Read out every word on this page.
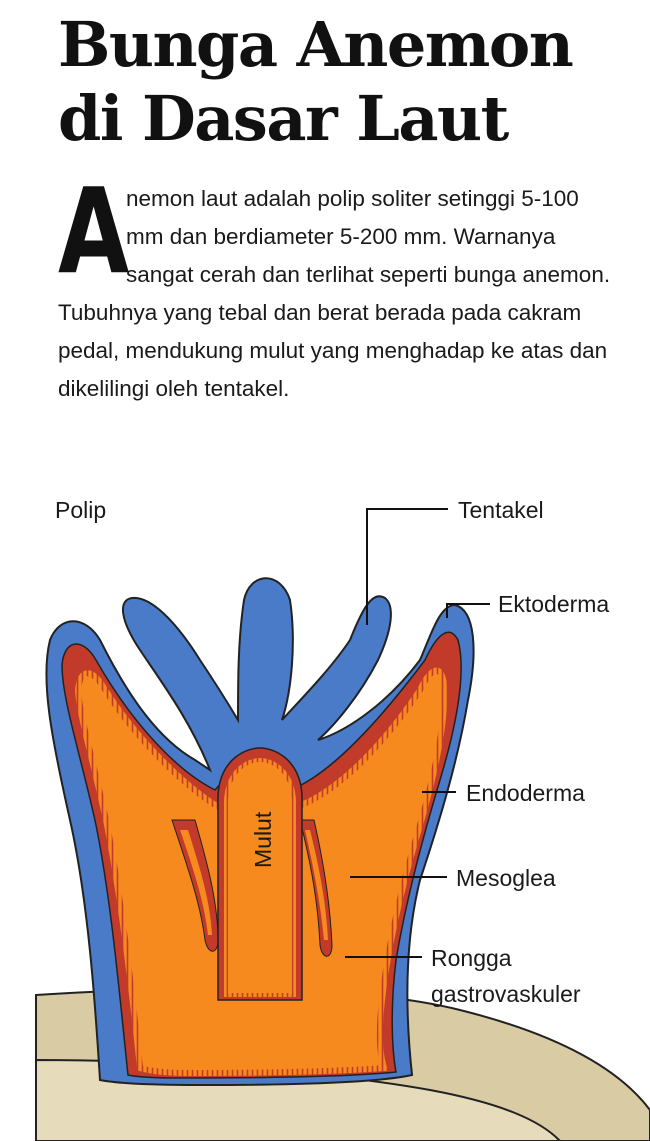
Bunga Anemon
di Dasar Laut

A
nemon laut adalah polip soliter setinggi 5-100 mm dan berdiameter 5-200 mm. Warnanya sangat cerah dan terlihat seperti bunga anemon. Tubuhnya yang tebal dan berat berada pada cakram pedal, mendukung mulut yang menghadap ke atas dan dikelilingi oleh tentakel.

Polip	Tentakel
Ektoderma
Endoderma
Mesoglea
Rongga
gastrovaskuler
Mulut
